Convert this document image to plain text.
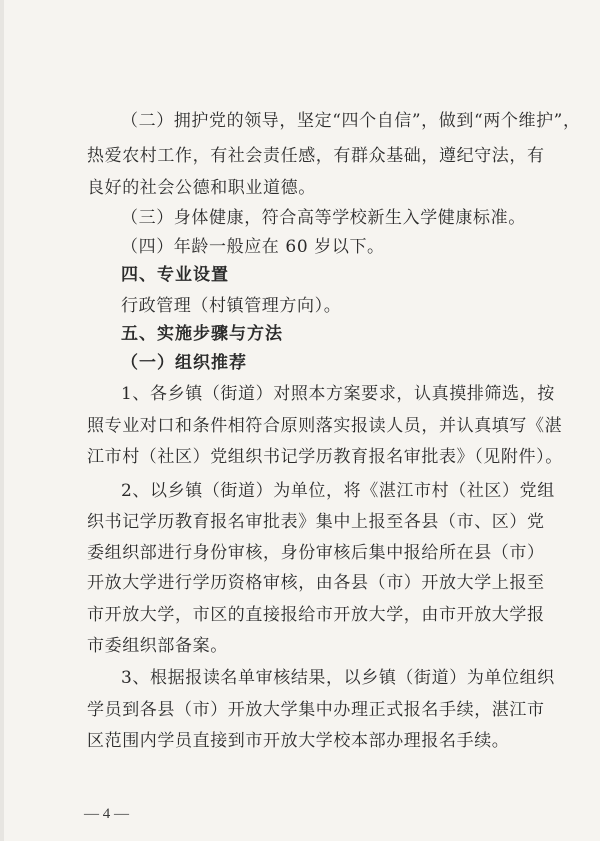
（二）拥护党的领导，坚定“四个自信”，做到“两个维护”，
热爱农村工作，有社会责任感，有群众基础，遵纪守法，有
良好的社会公德和职业道德。
（三）身体健康，符合高等学校新生入学健康标准。
（四）年龄一般应在 60 岁以下。
四、专业设置
行政管理（村镇管理方向）。
五、实施步骤与方法
（一）组织推荐
1、各乡镇（街道）对照本方案要求，认真摸排筛选，按
照专业对口和条件相符合原则落实报读人员，并认真填写《湛
江市村（社区）党组织书记学历教育报名审批表》（见附件）。
2、以乡镇（街道）为单位，将《湛江市村（社区）党组
织书记学历教育报名审批表》集中上报至各县（市、区）党
委组织部进行身份审核，身份审核后集中报给所在县（市）
开放大学进行学历资格审核，由各县（市）开放大学上报至
市开放大学，市区的直接报给市开放大学，由市开放大学报
市委组织部备案。
3、根据报读名单审核结果，以乡镇（街道）为单位组织
学员到各县（市）开放大学集中办理正式报名手续，湛江市
区范围内学员直接到市开放大学校本部办理报名手续。
— 4 —
